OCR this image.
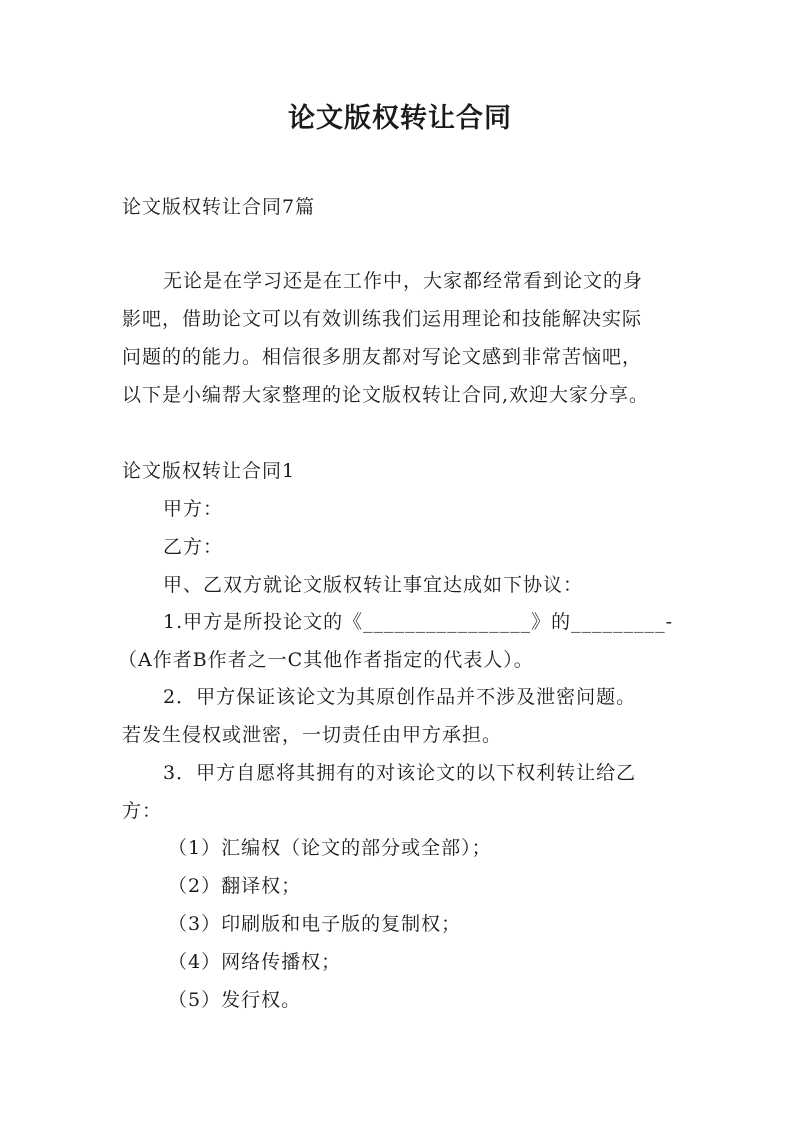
论文版权转让合同
论文版权转让合同7篇
无论是在学习还是在工作中，大家都经常看到论文的身
影吧，借助论文可以有效训练我们运用理论和技能解决实际
问题的的能力。相信很多朋友都对写论文感到非常苦恼吧，
以下是小编帮大家整理的论文版权转让合同,欢迎大家分享。
论文版权转让合同1
甲方：
乙方：
甲、乙双方就论文版权转让事宜达成如下协议：
1.甲方是所投论文的《________________》的_________-
（A作者B作者之一C其他作者指定的代表人）。
2．甲方保证该论文为其原创作品并不涉及泄密问题。
若发生侵权或泄密，一切责任由甲方承担。
3．甲方自愿将其拥有的对该论文的以下权利转让给乙
方：
（1）汇编权（论文的部分或全部）；
（2）翻译权；
（3）印刷版和电子版的复制权；
（4）网络传播权；
（5）发行权。
